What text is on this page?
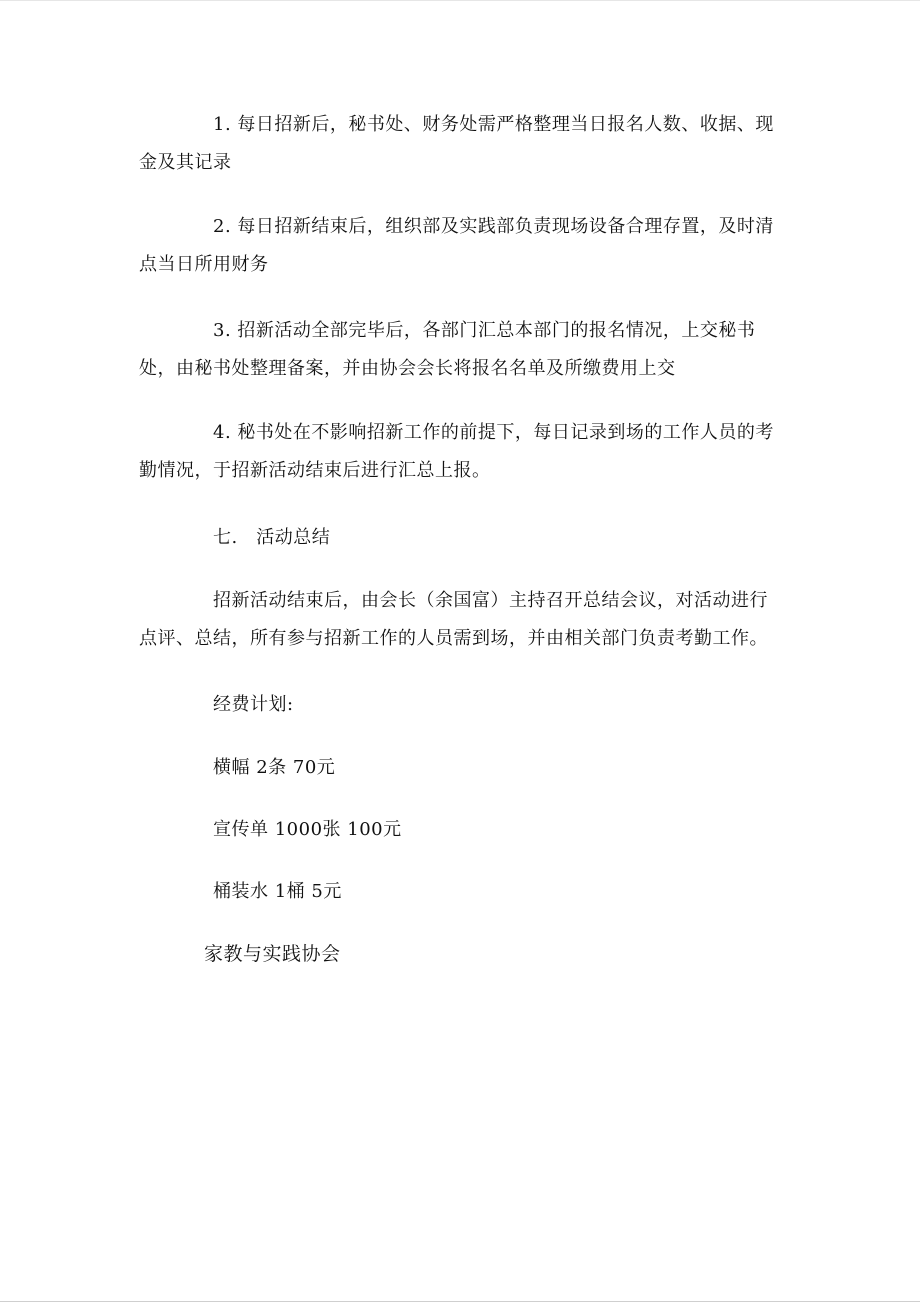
1. 每日招新后，秘书处、财务处需严格整理当日报名人数、收据、现金及其记录
2. 每日招新结束后，组织部及实践部负责现场设备合理存置，及时清点当日所用财务
3. 招新活动全部完毕后，各部门汇总本部门的报名情况，上交秘书处，由秘书处整理备案，并由协会会长将报名名单及所缴费用上交
4. 秘书处在不影响招新工作的前提下，每日记录到场的工作人员的考勤情况，于招新活动结束后进行汇总上报。
七.　活动总结
招新活动结束后，由会长（余国富）主持召开总结会议，对活动进行点评、总结，所有参与招新工作的人员需到场，并由相关部门负责考勤工作。
经费计划:
横幅 2条 70元
宣传单 1000张 100元
桶装水 1桶 5元
家教与实践协会
